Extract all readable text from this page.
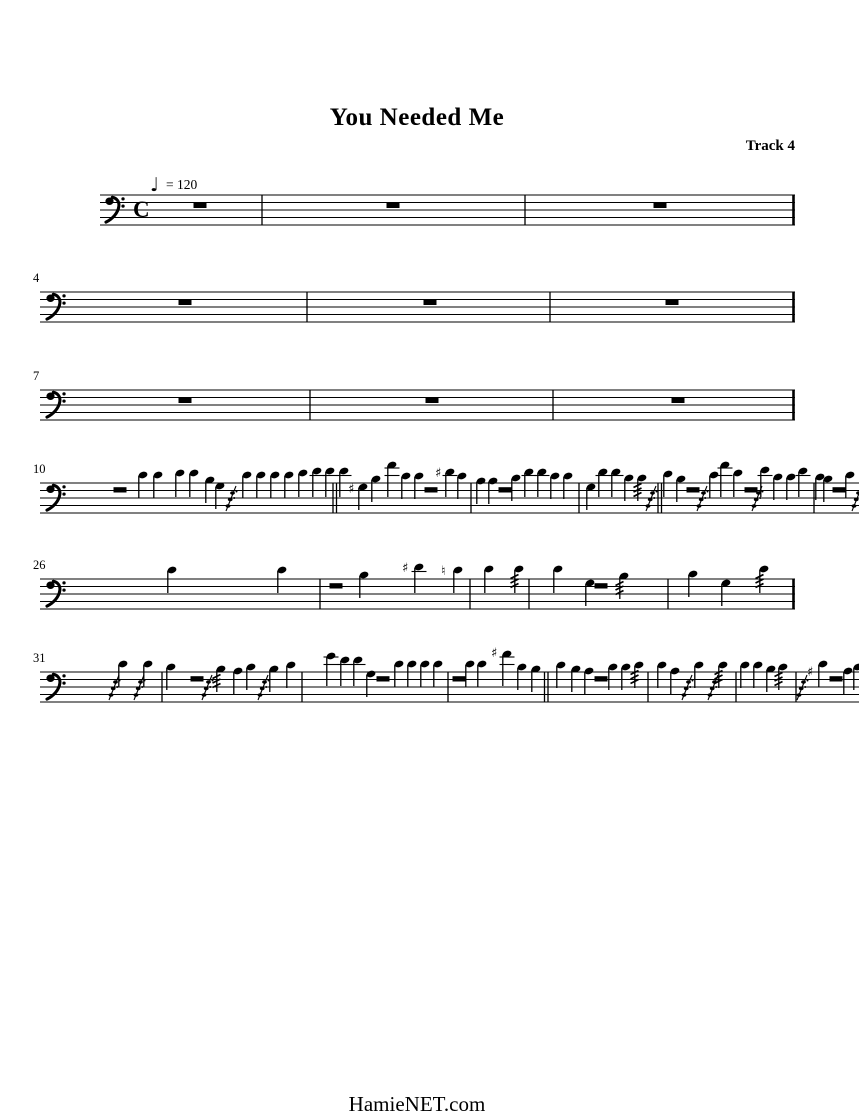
You Needed Me
Track 4
C
♩ = 120
4
7
10
♯
♯
26	♯	♮
31	♯
♯
HamieNET.com
